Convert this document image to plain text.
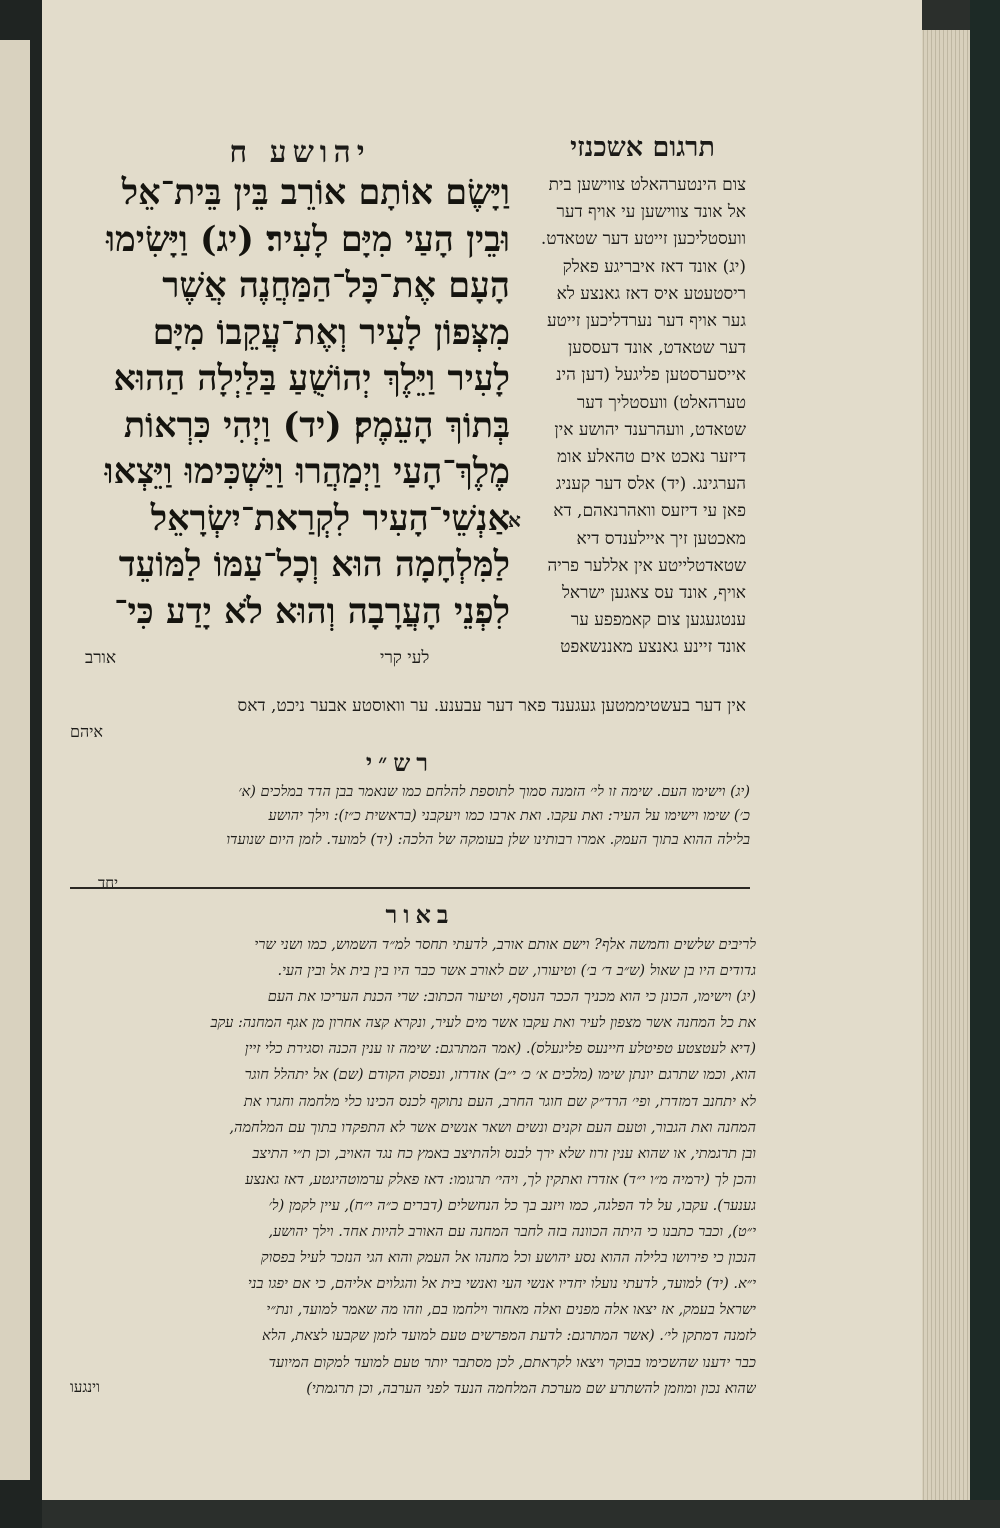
תרגום אשכנזי
יהושע ח
צום הינטערהאלט צווישען בית
אל אונד צווישען עי אויף דער
וועסטליכען זייטע דער שטאדט.
(יג) אונד דאז איבריגע פאלק
ריסטעטע איס דאז גאנצע לא
גער אויף דער נערדליכען זייטע
דער שטאדט, אונד דעססען
אייסערסטען פליגעל (דען הינ
טערהאלט) וועסטליך דער
שטאדט, וועהרענד יהושע אין
דיזער נאכט אים טהאלע אומ
הערגינג. (יד) אלס דער קעניג
פאן עי דיזעס וואהרנאהם, דא
מאכטען זיך איילענדס דיא
שטאדטלייטע אין אללער פריה
אויף, אונד עס צאגען ישראל
ענטגעגען צום קאמפפע ער
אונד זיינע גאנצע מאננשאפט
וַיָּשֶׂם אוֹתָם אוֹרֵב בֵּין בֵּית־אֵל
וּבֵין הָעַי מִיָּם לָעִיר׃ (יג) וַיָּשִׂימוּ
הָעָם אֶת־כָּל־הַמַּחֲנֶה אֲשֶׁר
מִצְּפוֹן לָעִיר וְאֶת־עֲקֵבוֹ מִיָּם
לָעִיר וַיֵּלֶךְ יְהוֹשֻׁעַ בַּלַּיְלָה הַהוּא
בְּתוֹךְ הָעֵמֶק׃ (יד) וַיְהִי כִּרְאוֹת
מֶלֶךְ־הָעַי וַיְמַהֲרוּ וַיַּשְׁכִּימוּ וַיֵּצְאוּ
אַנְשֵׁי־הָעִיר לִקְרַאת־יִשְׂרָאֵל
לַמִּלְחָמָה הוּא וְכָל־עַמּוֹ לַמּוֹעֵד
לִפְנֵי הָעֲרָבָה וְהוּא לֹא יָדַע כִּי־
א
לעי קרי
אורב
אין דער בעשטיממטען געגענד פאר דער עבענע. ער וואוסטע אבער ניכט, דאס
איהם
רש״י
(יג) וישימו העם. שימה זו לי׳ הזמנה סמוך לתוספת להלחם כמו שנאמר בבן הדד במלכים (א׳
כ׳) שימו וישימו על העיר: ואת עקבו. ואת ארבו כמו ויעקבני (בראשית כ״ז): וילך יהושע
בלילה ההוא בתוך העמק. אמרו רבותינו שלן בעומקה של הלכה: (יד) למועד. לזמן היום שנועדו
יחד
באור
לריבים שלשים וחמשה אלף? וישם אותם אורב, לדעתי תחסר למ״ד השמוש, כמו ושני שרי
גדודים היו בן שאול (ש״ב ד׳ ב׳) וטיעורו, שם לאורב אשר כבר היו בין בית אל ובין העי.
(יג) וישימו, הכונן כי הוא מכניך הככר הנוסף, וטיעור הכתוב: שרי הכנת העריכו את העם
את כל המחנה אשר מצפון לעיר ואת עקבו אשר מים לעיר, ונקרא קצה אחרון מן אגף המחנה: עקב
(דיא לעטצטע טפיטלע חיינעס פליגעלס). (אמר המתרגם: שימה זו ענין הכנה וסגירת כלי זיין
הוא, וכמו שתרגם יונתן שימו (מלכים א׳ כ׳ י״ב) אזדרזו, ונפסוק הקודם (שם) אל יתהלל חוגר
לא יתחנב דמזדרז, ופי׳ הרד״ק שם חוגר החרב, העם נתוקף לכנס הכינו כלי מלחמה וחגרו את
המחנה ואת הגבור, וטעם העם זקנים ונשים ושאר אנשים אשר לא התפקדו בתוך עם המלחמה,
ובן תרגמתי, או שהוא ענין זרוז שלא ירך לבנס ולהתיצב באמץ כח נגד האויב, וכן ת״י התיצב
והכן לך (ירמיה מ״ו י״ד) אזדרז ואתקין לך, ויהי׳ תרגומו: דאז פאלק ערמוטהיגטע, דאז גאנצע
גענער). עקבו, על לד הפלגה, כמו ויזנב בך כל הנחשלים (דברים כ״ה י״ח), עיין לקמן (ל׳
י״ט), וכבר כתבנו כי היתה הכוונה בזה לחבר המחנה עם האורב להיות אחד. וילך יהושע,
הנכון כי פירושו בלילה ההוא נסע יהושע וכל מחנהו אל העמק והוא הגי הנזכר לעיל בפסוק
י״א. (יד) למועד, לדעתי נועלו יחדיו אנשי העי ואנשי בית אל והגלוים אליהם, כי אם יפגו בני
ישראל בעמק, אז יצאו אלה מפנים ואלה מאחור וילחמו בם, וזהו מה שאמר למועד, ונת״י
לזמנה דמתקן לי׳. (אשר המתרגם: לדעת המפרשים טעם למועד לזמן שקבעו לצאת, הלא
כבר ידענו שהשכימו בבוקר ויצאו לקראתם, לכן מסתבר יותר טעם למועד למקום המיועד
שהוא נכון ומוזמן להשתרע שם מערכת המלחמה הנעד לפני הערבה, וכן תרגמתי)
וינגעו
